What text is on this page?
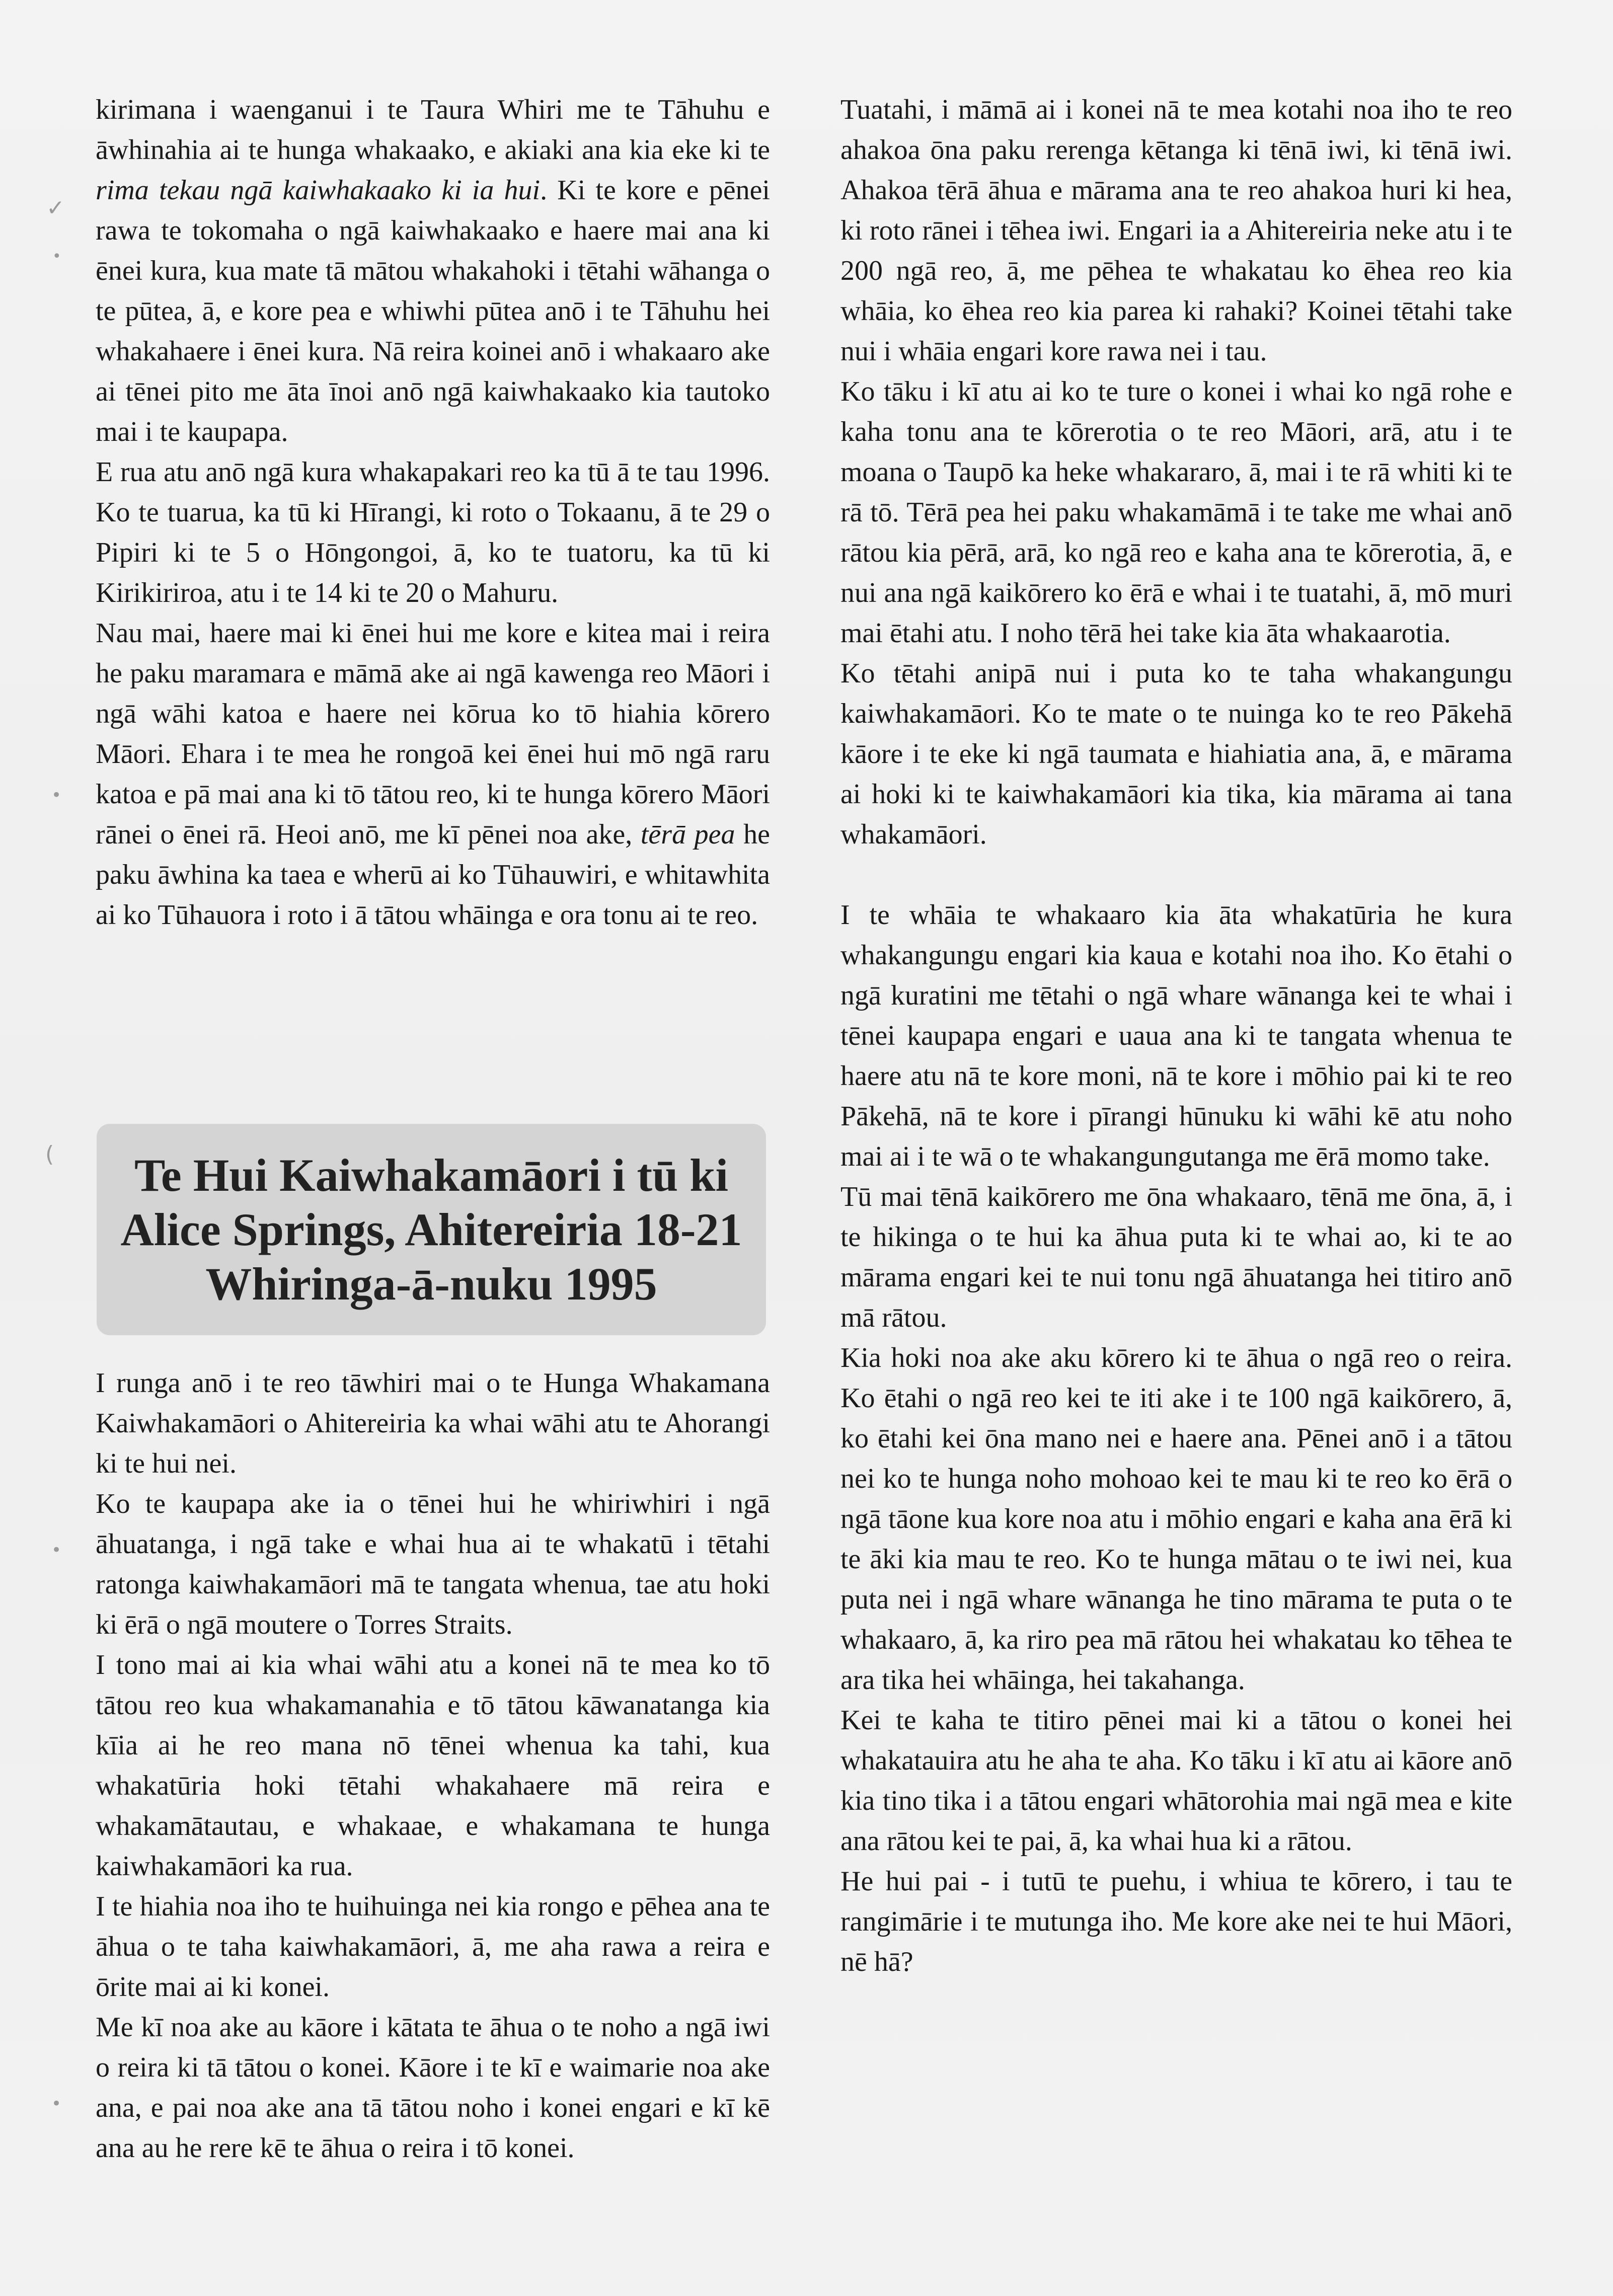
✓
•
•
(
•
•

kirimana i waenganui i te Taura Whiri me te Tāhuhu e āwhinahia ai te hunga whakaako, e akiaki ana kia eke ki te rima tekau ngā kaiwhakaako ki ia hui. Ki te kore e pēnei rawa te tokomaha o ngā kaiwhakaako e haere mai ana ki ēnei kura, kua mate tā mātou whakahoki i tētahi wāhanga o te pūtea, ā, e kore pea e whiwhi pūtea anō i te Tāhuhu hei whakahaere i ēnei kura. Nā reira koinei anō i whakaaro ake ai tēnei pito me āta īnoi anō ngā kaiwhakaako kia tautoko mai i te kaupapa.

E rua atu anō ngā kura whakapakari reo ka tū ā te tau 1996. Ko te tuarua, ka tū ki Hīrangi, ki roto o Tokaanu, ā te 29 o Pipiri ki te 5 o Hōngongoi, ā, ko te tuatoru, ka tū ki Kirikiriroa, atu i te 14 ki te 20 o Mahuru.

Nau mai, haere mai ki ēnei hui me kore e kitea mai i reira he paku maramara e māmā ake ai ngā kawenga reo Māori i ngā wāhi katoa e haere nei kōrua ko tō hiahia kōrero Māori. Ehara i te mea he rongoā kei ēnei hui mō ngā raru katoa e pā mai ana ki tō tātou reo, ki te hunga kōrero Māori rānei o ēnei rā. Heoi anō, me kī pēnei noa ake, tērā pea he paku āwhina ka taea e wherū ai ko Tūhauwiri, e whitawhita ai ko Tūhauora i roto i ā tātou whāinga e ora tonu ai te reo.

Te Hui Kaiwhakamāori i tū ki
Alice Springs, Ahitereiria 18-21
Whiringa-ā-nuku 1995

I runga anō i te reo tāwhiri mai o te Hunga Whakamana Kaiwhakamāori o Ahitereiria ka whai wāhi atu te Ahorangi ki te hui nei.

Ko te kaupapa ake ia o tēnei hui he whiriwhiri i ngā āhuatanga, i ngā take e whai hua ai te whakatū i tētahi ratonga kaiwhakamāori mā te tangata whenua, tae atu hoki ki ērā o ngā moutere o Torres Straits.

I tono mai ai kia whai wāhi atu a konei nā te mea ko tō tātou reo kua whakamanahia e tō tātou kāwanatanga kia kīia ai he reo mana nō tēnei whenua ka tahi, kua whakatūria hoki tētahi whakahaere mā reira e whakamātautau, e whakaae, e whakamana te hunga kaiwhakamāori ka rua.

I te hiahia noa iho te huihuinga nei kia rongo e pēhea ana te āhua o te taha kaiwhakamāori, ā, me aha rawa a reira e ōrite mai ai ki konei.

Me kī noa ake au kāore i kātata te āhua o te noho a ngā iwi o reira ki tā tātou o konei. Kāore i te kī e waimarie noa ake ana, e pai noa ake ana tā tātou noho i konei engari e kī kē ana au he rere kē te āhua o reira i tō konei.

Tuatahi, i māmā ai i konei nā te mea kotahi noa iho te reo ahakoa ōna paku rerenga kētanga ki tēnā iwi, ki tēnā iwi. Ahakoa tērā āhua e mārama ana te reo ahakoa huri ki hea, ki roto rānei i tēhea iwi. Engari ia a Ahitereiria neke atu i te 200 ngā reo, ā, me pēhea te whakatau ko ēhea reo kia whāia, ko ēhea reo kia parea ki rahaki? Koinei tētahi take nui i whāia engari kore rawa nei i tau.

Ko tāku i kī atu ai ko te ture o konei i whai ko ngā rohe e kaha tonu ana te kōrerotia o te reo Māori, arā, atu i te moana o Taupō ka heke whakararo, ā, mai i te rā whiti ki te rā tō. Tērā pea hei paku whakamāmā i te take me whai anō rātou kia pērā, arā, ko ngā reo e kaha ana te kōrerotia, ā, e nui ana ngā kaikōrero ko ērā e whai i te tuatahi, ā, mō muri mai ētahi atu. I noho tērā hei take kia āta whakaarotia.

Ko tētahi anipā nui i puta ko te taha whakangungu kaiwhakamāori. Ko te mate o te nuinga ko te reo Pākehā kāore i te eke ki ngā taumata e hiahiatia ana, ā, e mārama ai hoki ki te kaiwhakamāori kia tika, kia mārama ai tana whakamāori.

I te whāia te whakaaro kia āta whakatūria he kura whakangungu engari kia kaua e kotahi noa iho. Ko ētahi o ngā kuratini me tētahi o ngā whare wānanga kei te whai i tēnei kaupapa engari e uaua ana ki te tangata whenua te haere atu nā te kore moni, nā te kore i mōhio pai ki te reo Pākehā, nā te kore i pīrangi hūnuku ki wāhi kē atu noho mai ai i te wā o te whakangungutanga me ērā momo take.

Tū mai tēnā kaikōrero me ōna whakaaro, tēnā me ōna, ā, i te hikinga o te hui ka āhua puta ki te whai ao, ki te ao mārama engari kei te nui tonu ngā āhuatanga hei titiro anō mā rātou.

Kia hoki noa ake aku kōrero ki te āhua o ngā reo o reira. Ko ētahi o ngā reo kei te iti ake i te 100 ngā kaikōrero, ā, ko ētahi kei ōna mano nei e haere ana. Pēnei anō i a tātou nei ko te hunga noho mohoao kei te mau ki te reo ko ērā o ngā tāone kua kore noa atu i mōhio engari e kaha ana ērā ki te āki kia mau te reo. Ko te hunga mātau o te iwi nei, kua puta nei i ngā whare wānanga he tino mārama te puta o te whakaaro, ā, ka riro pea mā rātou hei whakatau ko tēhea te ara tika hei whāinga, hei takahanga.

Kei te kaha te titiro pēnei mai ki a tātou o konei hei whakatauira atu he aha te aha. Ko tāku i kī atu ai kāore anō kia tino tika i a tātou engari whātorohia mai ngā mea e kite ana rātou kei te pai, ā, ka whai hua ki a rātou.

He hui pai - i tutū te puehu, i whiua te kōrero, i tau te rangimārie i te mutunga iho. Me kore ake nei te hui Māori, nē hā?
